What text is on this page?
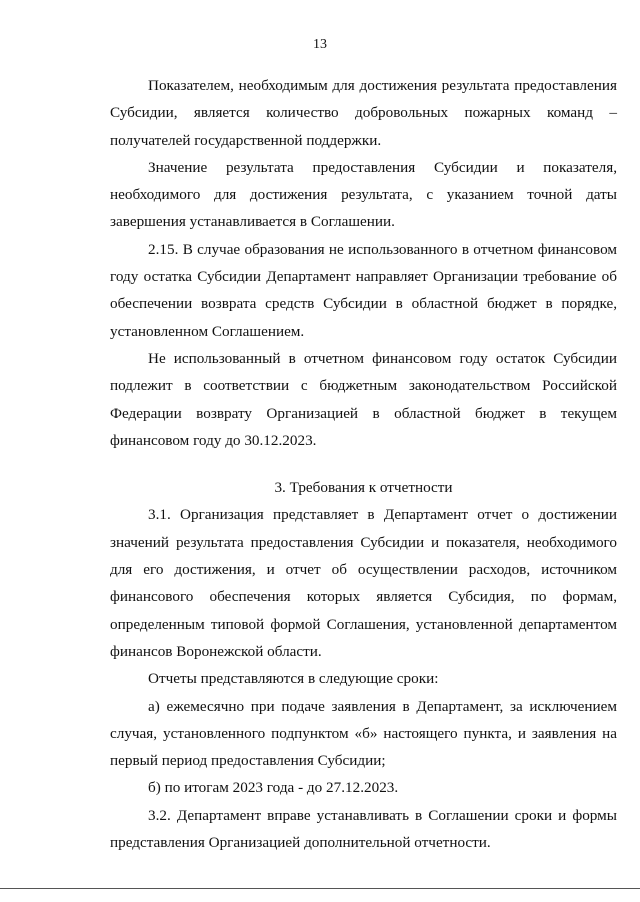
13

Показателем, необходимым для достижения результата предоставления Субсидии, является количество добровольных пожарных команд – получателей государственной поддержки.

Значение результата предоставления Субсидии и показателя, необходимого для достижения результата, с указанием точной даты завершения устанавливается в Соглашении.

2.15. В случае образования не использованного в отчетном финансовом году остатка Субсидии Департамент направляет Организации требование об обеспечении возврата средств Субсидии в областной бюджет в порядке, установленном Соглашением.

Не использованный в отчетном финансовом году остаток Субсидии подлежит в соответствии с бюджетным законодательством Российской Федерации возврату Организацией в областной бюджет в текущем финансовом году до 30.12.2023.

3. Требования к отчетности

3.1. Организация представляет в Департамент отчет о достижении значений результата предоставления Субсидии и показателя, необходимого для его достижения, и отчет об осуществлении расходов, источником финансового обеспечения которых является Субсидия, по формам, определенным типовой формой Соглашения, установленной департаментом финансов Воронежской области.

Отчеты представляются в следующие сроки:

а) ежемесячно при подаче заявления в Департамент, за исключением случая, установленного подпунктом «б» настоящего пункта, и заявления на первый период предоставления Субсидии;

б) по итогам 2023 года - до 27.12.2023.

3.2. Департамент вправе устанавливать в Соглашении сроки и формы представления Организацией дополнительной отчетности.
